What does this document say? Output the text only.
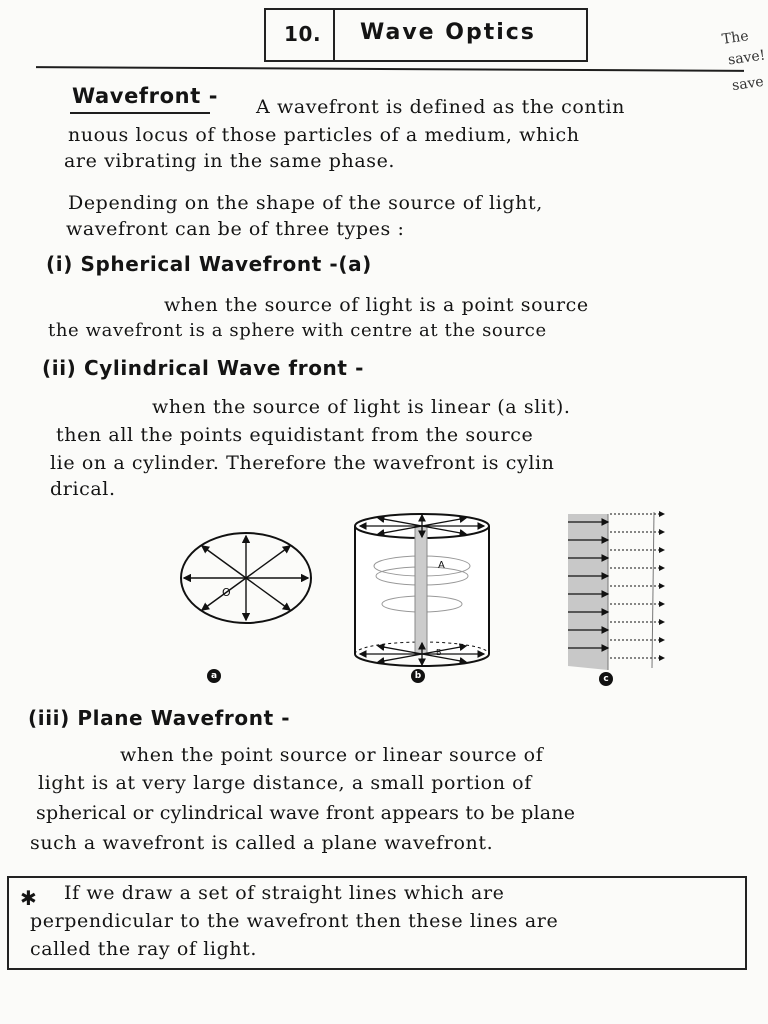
10. Wave Optics	The
save!
save
Wavefront - A wavefront is defined as the contin
nuous locus of those particles of a medium, which
are vibrating in the same phase.
Depending on the shape of the source of light,
wavefront can be of three types :
(i) Spherical Wavefront -(a)
when the source of light is a point source
the wavefront is a sphere with centre at the source
(ii) Cylindrical Wave front -
when the source of light is linear (a slit).
then all the points equidistant from the source
lie on a cylinder. Therefore the wavefront is cylin
drical.
O
a
A
B
b	c
(iii) Plane Wavefront -
when the point source or linear source of
light is at very large distance, a small portion of
spherical or cylindrical wave front appears to be plane
such a wavefront is called a plane wavefront.
✱ If we draw a set of straight lines which are
perpendicular to the wavefront then these lines are
called the ray of light.
